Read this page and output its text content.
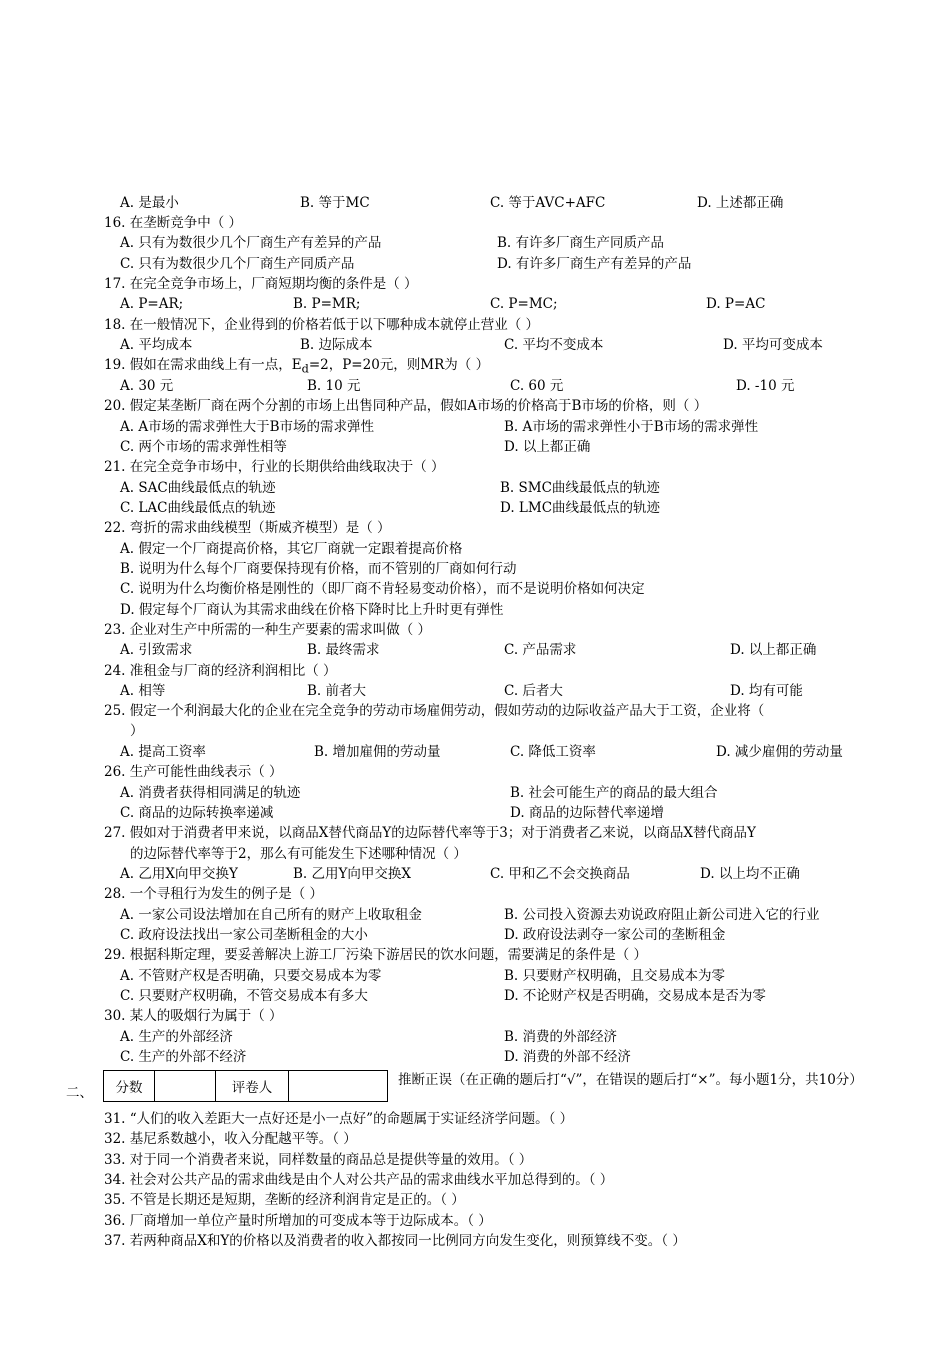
A. 是最小	B. 等于MC	C. 等于AVC+AFC	D. 上述都正确
16. 在垄断竞争中（ ）
A. 只有为数很少几个厂商生产有差异的产品	B. 有许多厂商生产同质产品
C. 只有为数很少几个厂商生产同质产品	D. 有许多厂商生产有差异的产品
17. 在完全竞争市场上，厂商短期均衡的条件是（ ）
A. P=AR;	B. P=MR;	C. P=MC;	D. P=AC
18. 在一般情况下，企业得到的价格若低于以下哪种成本就停止营业（ ）
A. 平均成本	B. 边际成本	C. 平均不变成本	D. 平均可变成本
19. 假如在需求曲线上有一点，$E_d=2$，P=20元，则MR为（ ）
A. 30 元	B. 10 元	C. 60 元	D. -10 元
20. 假定某垄断厂商在两个分割的市场上出售同种产品，假如A市场的价格高于B市场的价格，则（ ）
A. A市场的需求弹性大于B市场的需求弹性	B. A市场的需求弹性小于B市场的需求弹性
C. 两个市场的需求弹性相等	D. 以上都正确
21. 在完全竞争市场中，行业的长期供给曲线取决于（ ）
A. SAC曲线最低点的轨迹	B. SMC曲线最低点的轨迹
C. LAC曲线最低点的轨迹	D. LMC曲线最低点的轨迹
22. 弯折的需求曲线模型（斯威齐模型）是（ ）
A. 假定一个厂商提高价格，其它厂商就一定跟着提高价格
B. 说明为什么每个厂商要保持现有价格，而不管别的厂商如何行动
C. 说明为什么均衡价格是刚性的（即厂商不肯轻易变动价格），而不是说明价格如何决定
D. 假定每个厂商认为其需求曲线在价格下降时比上升时更有弹性
23. 企业对生产中所需的一种生产要素的需求叫做（ ）
A. 引致需求	B. 最终需求	C. 产品需求	D. 以上都正确
24. 准租金与厂商的经济利润相比（ ）
A. 相等	B. 前者大	C. 后者大	D. 均有可能
25. 假定一个利润最大化的企业在完全竞争的劳动市场雇佣劳动，假如劳动的边际收益产品大于工资，企业将（
）
A. 提高工资率	B. 增加雇佣的劳动量	C. 降低工资率	D. 减少雇佣的劳动量
26. 生产可能性曲线表示（ ）
A. 消费者获得相同满足的轨迹	B. 社会可能生产的商品的最大组合
C. 商品的边际转换率递减	D. 商品的边际替代率递增
27. 假如对于消费者甲来说，以商品X替代商品Y的边际替代率等于3；对于消费者乙来说，以商品X替代商品Y
的边际替代率等于2，那么有可能发生下述哪种情况（ ）
A. 乙用X向甲交换Y	B. 乙用Y向甲交换X	C. 甲和乙不会交换商品	D. 以上均不正确
A. 一家公司设法增加在自己所有的财产上收取租金	B. 公司投入资源去劝说政府阻止新公司进入它的行业
C. 政府设法找出一家公司垄断租金的大小	D. 政府设法剥夺一家公司的垄断租金
29. 根据科斯定理，要妥善解决上游工厂污染下游居民的饮水问题，需要满足的条件是（ ）
A. 不管财产权是否明确，只要交易成本为零	B. 只要财产权明确，且交易成本为零
C. 只要财产权明确，不管交易成本有多大	D. 不论财产权是否明确，交易成本是否为零
30. 某人的吸烟行为属于（ ）
A. 生产的外部经济	B. 消费的外部经济
C. 生产的外部不经济	D. 消费的外部不经济
31. “人们的收入差距大一点好还是小一点好”的命题属于实证经济学问题。（ ）
32. 基尼系数越小，收入分配越平等。（ ）
33. 对于同一个消费者来说，同样数量的商品总是提供等量的效用。（ ）
34. 社会对公共产品的需求曲线是由个人对公共产品的需求曲线水平加总得到的。（ ）
35. 不管是长期还是短期，垄断的经济利润肯定是正的。（ ）
36. 厂商增加一单位产量时所增加的可变成本等于边际成本。（ ）
37. 若两种商品X和Y的价格以及消费者的收入都按同一比例同方向发生变化，则预算线不变。（ ）
28. 一个寻租行为发生的例子是（ ）
二、 分数		评卷人		推断正误（在正确的题后打“√”，在错误的题后打“×”。每小题1分，共10分）
